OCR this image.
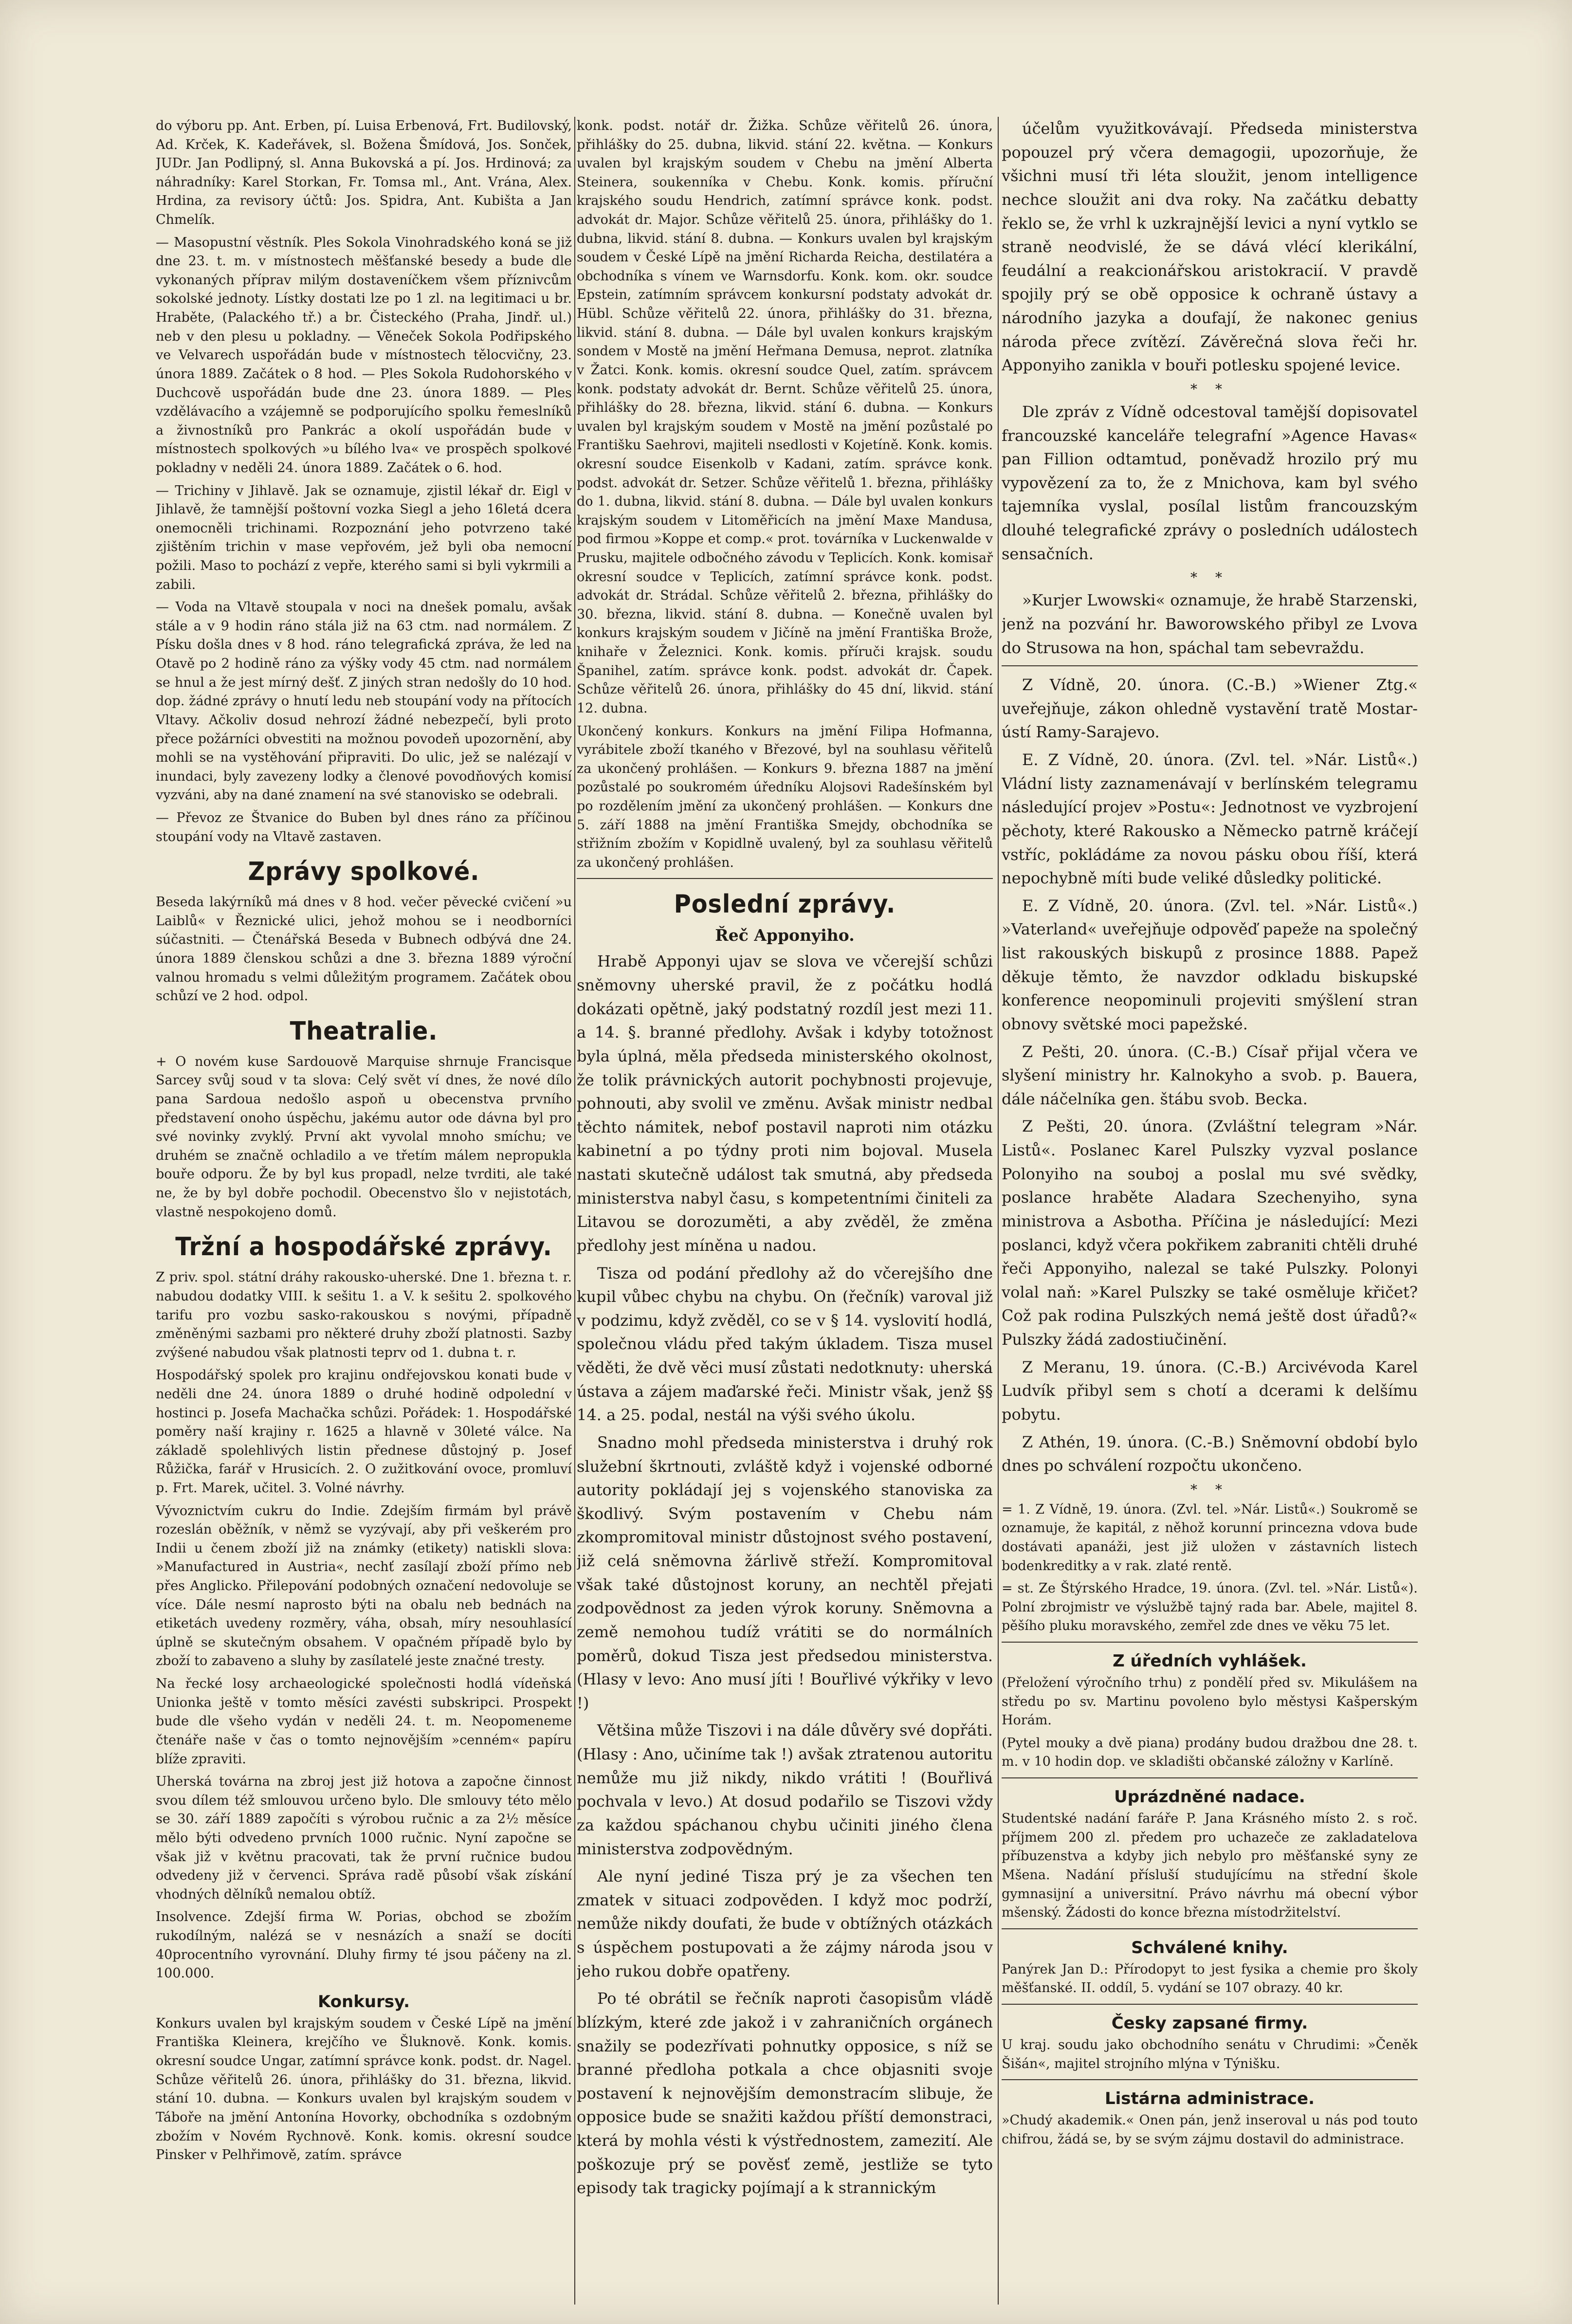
do výboru pp. Ant. Erben, pí. Luisa Erbenová, Frt. Budilovský, Ad. Krček, K. Kadeřávek, sl. Božena Šmídová, Jos. Sonček, JUDr. Jan Podlipný, sl. Anna Bukovská a pí. Jos. Hrdinová; za náhradníky: Karel Storkan, Fr. Tomsa ml., Ant. Vrána, Alex. Hrdina, za revisory účtů: Jos. Spidra, Ant. Kubišta a Jan Chmelík.

— Masopustní věstník. Ples Sokola Vinohradského koná se již dne 23. t. m. v místnostech měšťanské besedy a bude dle vykonaných příprav milým dostaveníčkem všem příznivcům sokolské jednoty. Lístky dostati lze po 1 zl. na legitimaci u br. Hraběte, (Palackého tř.) a br. Čisteckého (Praha, Jindř. ul.) neb v den plesu u pokladny. — Věneček Sokola Podřipského ve Velvarech uspořádán bude v místnostech tělocvičny, 23. února 1889. Začátek o 8 hod. — Ples Sokola Rudohorského v Duchcově uspořádán bude dne 23. února 1889. — Ples vzdělávacího a vzájemně se podporujícího spolku řemeslníků a živnostníků pro Pankrác a okolí uspořádán bude v místnostech spolkových »u bílého lva« ve prospěch spolkové pokladny v neděli 24. února 1889. Začátek o 6. hod.

— Trichiny v Jihlavě. Jak se oznamuje, zjistil lékař dr. Eigl v Jihlavě, že tamnější poštovní vozka Siegl a jeho 16letá dcera onemocněli trichinami. Rozpoznání jeho potvrzeno také zjištěním trichin v mase vepřovém, jež byli oba nemocní požili. Maso to pochází z vepře, kterého sami si byli vykrmili a zabili.

— Voda na Vltavě stoupala v noci na dnešek pomalu, avšak stále a v 9 hodin ráno stála již na 63 ctm. nad normálem. Z Písku došla dnes v 8 hod. ráno telegrafická zpráva, že led na Otavě po 2 hodině ráno za výšky vody 45 ctm. nad normálem se hnul a že jest mírný dešť. Z jiných stran nedošly do 10 hod. dop. žádné zprávy o hnutí ledu neb stoupání vody na přítocích Vltavy. Ačkoliv dosud nehrozí žádné nebezpečí, byli proto přece požárníci obvestiti na možnou povodeň upozornění, aby mohli se na vystěhování připraviti. Do ulic, jež se nalézají v inundaci, byly zavezeny lodky a členové povodňových komisí vyzváni, aby na dané znamení na své stanovisko se odebrali.

— Převoz ze Štvanice do Buben byl dnes ráno za příčinou stoupání vody na Vltavě zastaven.

Zprávy spolkové.

Beseda lakýrníků má dnes v 8 hod. večer pěvecké cvičení »u Laiblů« v Řeznické ulici, jehož mohou se i neodborníci súčastniti. — Čtenářská Beseda v Bubnech odbývá dne 24. února 1889 členskou schůzi a dne 3. března 1889 výroční valnou hromadu s velmi důležitým programem. Začátek obou schůzí ve 2 hod. odpol.

Theatralie.

+ O novém kuse Sardouově Marquise shrnuje Francisque Sarcey svůj soud v ta slova: Celý svět ví dnes, že nové dílo pana Sardoua nedošlo aspoň u obecenstva prvního představení onoho úspěchu, jakému autor ode dávna byl pro své novinky zvyklý. První akt vyvolal mnoho smíchu; ve druhém se značně ochladilo a ve třetím málem nepropukla bouře odporu. Že by byl kus propadl, nelze tvrditi, ale také ne, že by byl dobře pochodil. Obecenstvo šlo v nejistotách, vlastně nespokojeno domů.

Tržní a hospodářské zprávy.

Z priv. spol. státní dráhy rakousko-uherské. Dne 1. března t. r. nabudou dodatky VIII. k sešitu 1. a V. k sešitu 2. spolkového tarifu pro vozbu sasko-rakouskou s novými, případně změněnými sazbami pro některé druhy zboží platnosti. Sazby zvýšené nabudou však platnosti teprv od 1. dubna t. r.

Hospodářský spolek pro krajinu ondřejovskou konati bude v neděli dne 24. února 1889 o druhé hodině odpolední v hostinci p. Josefa Machačka schůzi. Pořádek: 1. Hospodářské poměry naší krajiny r. 1625 a hlavně v 30leté válce. Na základě spolehlivých listin přednese důstojný p. Josef Růžička, farář v Hrusicích. 2. O zužitkování ovoce, promluví p. Frt. Marek, učitel. 3. Volné návrhy.

Vývoznictvím cukru do Indie. Zdejším firmám byl právě rozeslán oběžník, v němž se vyzývají, aby při veškerém pro Indii u čenem zboží již na známky (etikety) natiskli slova: »Manufactured in Austria«, nechť zasílají zboží přímo neb přes Anglicko. Přilepování podobných označení nedovoluje se více. Dále nesmí naprosto býti na obalu neb bednách na etiketách uvedeny rozměry, váha, obsah, míry nesouhlasící úplně se skutečným obsahem. V opačném případě bylo by zboží to zabaveno a sluhy by zasílatelé jeste značné tresty.

Na řecké losy archaeologické společnosti hodlá vídeňská Unionka ještě v tomto měsíci zavésti subskripci. Prospekt bude dle všeho vydán v neděli 24. t. m. Neopomeneme čtenáře naše v čas o tomto nejnovějším »cenném« papíru blíže zpraviti.

Uherská továrna na zbroj jest již hotova a započne činnost svou dílem též smlouvou určeno bylo. Dle smlouvy této mělo se 30. září 1889 započíti s výrobou ručnic a za 2½ měsíce mělo býti odvedeno prvních 1000 ručnic. Nyní započne se však již v květnu pracovati, tak že první ručnice budou odvedeny již v červenci. Správa radě působí však získání vhodných dělníků nemalou obtíž.

Insolvence. Zdejší firma W. Porias, obchod se zbožím rukodílným, nalézá se v nesnázích a snaží se docíti 40procentního vyrovnání. Dluhy firmy té jsou páčeny na zl. 100.000.

Konkursy.

Konkurs uvalen byl krajským soudem v České Lípě na jmění Františka Kleinera, krejčího ve Šluknově. Konk. komis. okresní soudce Ungar, zatímní správce konk. podst. dr. Nagel. Schůze věřitelů 26. února, přihlášky do 31. března, likvid. stání 10. dubna. — Konkurs uvalen byl krajským soudem v Táboře na jmění Antonína Hovorky, obchodníka s ozdobným zbožím v Novém Rychnově. Konk. komis. okresní soudce Pinsker v Pelhřimově, zatím. správce

konk. podst. notář dr. Žižka. Schůze věřitelů 26. února, přihlášky do 25. dubna, likvid. stání 22. května. — Konkurs uvalen byl krajským soudem v Chebu na jmění Alberta Steinera, soukenníka v Chebu. Konk. komis. příruční krajského soudu Hendrich, zatímní správce konk. podst. advokát dr. Major. Schůze věřitelů 25. února, přihlášky do 1. dubna, likvid. stání 8. dubna. — Konkurs uvalen byl krajským soudem v České Lípě na jmění Richarda Reicha, destilatéra a obchodníka s vínem ve Warnsdorfu. Konk. kom. okr. soudce Epstein, zatímním správcem konkursní podstaty advokát dr. Hübl. Schůze věřitelů 22. února, přihlášky do 31. března, likvid. stání 8. dubna. — Dále byl uvalen konkurs krajským sondem v Mostě na jmění Heřmana Demusa, neprot. zlatníka v Žatci. Konk. komis. okresní soudce Quel, zatím. správcem konk. podstaty advokát dr. Bernt. Schůze věřitelů 25. února, přihlášky do 28. března, likvid. stání 6. dubna. — Konkurs uvalen byl krajským soudem v Mostě na jmění pozůstalé po Františku Saehrovi, majiteli nsedlosti v Kojetíně. Konk. komis. okresní soudce Eisenkolb v Kadani, zatím. správce konk. podst. advokát dr. Setzer. Schůze věřitelů 1. března, přihlášky do 1. dubna, likvid. stání 8. dubna. — Dále byl uvalen konkurs krajským soudem v Litoměřicích na jmění Maxe Mandusa, pod firmou »Koppe et comp.« prot. továrníka v Luckenwalde v Prusku, majitele odbočného závodu v Teplicích. Konk. komisař okresní soudce v Teplicích, zatímní správce konk. podst. advokát dr. Strádal. Schůze věřitelů 2. března, přihlášky do 30. března, likvid. stání 8. dubna. — Konečně uvalen byl konkurs krajským soudem v Jičíně na jmění Františka Brože, knihaře v Železnici. Konk. komis. příruči krajsk. soudu Španihel, zatím. správce konk. podst. advokát dr. Čapek. Schůze věřitelů 26. února, přihlášky do 45 dní, likvid. stání 12. dubna.

Ukončený konkurs. Konkurs na jmění Filipa Hofmanna, vyrábitele zboží tkaného v Březové, byl na souhlasu věřitelů za ukončený prohlášen. — Konkurs 9. března 1887 na jmění pozůstalé po soukromém úředníku Alojsovi Radešínském byl po rozdělením jmění za ukončený prohlášen. — Konkurs dne 5. září 1888 na jmění Františka Smejdy, obchodníka se střižním zbožím v Kopidlně uvalený, byl za souhlasu věřitelů za ukončený prohlášen.

Poslední zprávy.
Řeč Apponyiho.

Hrabě Apponyi ujav se slova ve včerejší schůzi sněmovny uherské pravil, že z počátku hodlá dokázati opětně, jaký podstatný rozdíl jest mezi 11. a 14. §. branné předlohy. Avšak i kdyby totožnost byla úplná, měla předseda ministerského okolnost, že tolik právnických autorit pochybnosti projevuje, pohnouti, aby svolil ve změnu. Avšak ministr nedbal těchto námitek, nebof postavil naproti nim otázku kabinetní a po týdny proti nim bojoval. Musela nastati skutečně událost tak smutná, aby předseda ministerstva nabyl času, s kompetentními činiteli za Litavou se dorozuměti, a aby zvěděl, že změna předlohy jest míněna u nadou.

Tisza od podání předlohy až do včerejšího dne kupil vůbec chybu na chybu. On (řečník) varoval již v podzimu, když zvěděl, co se v § 14. vyslovití hodlá, společnou vládu před takým úkladem. Tisza musel věděti, že dvě věci musí zůstati nedotknuty: uherská ústava a zájem maďarské řeči. Ministr však, jenž §§ 14. a 25. podal, nestál na výši svého úkolu.

Snadno mohl předseda ministerstva i druhý rok služební škrtnouti, zvláště když i vojenské odborné autority pokládají jej s vojenského stanoviska za škodlivý. Svým postavením v Chebu nám zkompromitoval ministr důstojnost svého postavení, již celá sněmovna žárlivě střeží. Kompromitoval však také důstojnost koruny, an nechtěl přejati zodpovědnost za jeden výrok koruny. Sněmovna a země nemohou tudíž vrátiti se do normálních poměrů, dokud Tisza jest předsedou ministerstva. (Hlasy v levo: Ano musí jíti ! Bouřlivé výkřiky v levo !)

Většina může Tiszovi i na dále důvěry své dopřáti. (Hlasy : Ano, učiníme tak !) avšak ztratenou autoritu nemůže mu již nikdy, nikdo vrátiti ! (Bouřlivá pochvala v levo.) At dosud podařilo se Tiszovi vždy za každou spáchanou chybu učiniti jiného člena ministerstva zodpovědným.

Ale nyní jediné Tisza prý je za všechen ten zmatek v situaci zodpověden. I když moc podrží, nemůže nikdy doufati, že bude v obtížných otázkách s úspěchem postupovati a že zájmy národa jsou v jeho rukou dobře opatřeny.

Po té obrátil se řečník naproti časopisům vládě blízkým, které zde jakož i v zahraničních orgánech snažily se podezřívati pohnutky opposice, s níž se branné předloha potkala a chce objasniti svoje postavení k nejnovějším demonstracím slibuje, že opposice bude se snažiti každou příští demonstraci, která by mohla vésti k výstřednostem, zamezití. Ale poškozuje prý se pověsť země, jestliže se tyto episody tak tragicky pojímají a k strannickým

účelům využitkovávají. Předseda ministerstva popouzel prý včera demagogii, upozorňuje, že všichni musí tři léta sloužit, jenom intelligence nechce sloužit ani dva roky. Na začátku debatty řeklo se, že vrhl k uzkrajnější levici a nyní vytklo se straně neodvislé, že se dává vlécí klerikální, feudální a reakcionářskou aristokracií. V pravdě spojily prý se obě opposice k ochraně ústavy a národního jazyka a doufají, že nakonec genius národa přece zvítězí. Závěrečná slova řeči hr. Apponyiho zanikla v bouři potlesku spojené levice.

* *

Dle zpráv z Vídně odcestoval tamější dopisovatel francouzské kanceláře telegrafní »Agence Havas« pan Fillion odtamtud, poněvadž hrozilo prý mu vypovězení za to, že z Mnichova, kam byl svého tajemníka vyslal, posílal listům francouzským dlouhé telegrafické zprávy o posledních událostech sensačních.

* *

»Kurjer Lwowski« oznamuje, že hrabě Starzenski, jenž na pozvání hr. Baworowského přibyl ze Lvova do Strusowa na hon, spáchal tam sebevraždu.

Z Vídně, 20. února. (C.-B.) »Wiener Ztg.« uveřejňuje, zákon ohledně vystavění tratě Mostar-ústí Ramy-Sarajevo.

E. Z Vídně, 20. února. (Zvl. tel. »Nár. Listů«.) Vládní listy zaznamenávají v berlínském telegramu následující projev »Postu«: Jednotnost ve vyzbrojení pěchoty, které Rakousko a Německo patrně kráčejí vstříc, pokládáme za novou pásku obou říší, která nepochybně míti bude veliké důsledky politické.

E. Z Vídně, 20. února. (Zvl. tel. »Nár. Listů«.) »Vaterland« uveřejňuje odpověď papeže na společný list rakouských biskupů z prosince 1888. Papež děkuje těmto, že navzdor odkladu biskupské konference neopominuli projeviti smýšlení stran obnovy světské moci papežské.

Z Pešti, 20. února. (C.-B.) Císař přijal včera ve slyšení ministry hr. Kalnokyho a svob. p. Bauera, dále náčelníka gen. štábu svob. Becka.

Z Pešti, 20. února. (Zvláštní telegram »Nár. Listů«. Poslanec Karel Pulszky vyzval poslance Polonyiho na souboj a poslal mu své svědky, poslance hraběte Aladara Szechenyiho, syna ministrova a Asbotha. Příčina je následující: Mezi poslanci, když včera pokřikem zabraniti chtěli druhé řeči Apponyiho, nalezal se také Pulszky. Polonyi volal naň: »Karel Pulszky se také osměluje křičet? Což pak rodina Pulszkých nemá ještě dost úřadů?« Pulszky žádá zadostiučinění.

Z Meranu, 19. února. (C.-B.) Arcivévoda Karel Ludvík přibyl sem s chotí a dcerami k delšímu pobytu.

Z Athén, 19. února. (C.-B.) Sněmovní období bylo dnes po schválení rozpočtu ukončeno.

* *

= 1. Z Vídně, 19. února. (Zvl. tel. »Nár. Listů«.) Soukromě se oznamuje, že kapitál, z něhož korunní princezna vdova bude dostávati apanáži, jest již uložen v zástavních listech bodenkreditky a v rak. zlaté rentě.

= st. Ze Štýrského Hradce, 19. února. (Zvl. tel. »Nár. Listů«). Polní zbrojmistr ve výslužbě tajný rada bar. Abele, majitel 8. pěšího pluku moravského, zemřel zde dnes ve věku 75 let.

Z úředních vyhlášek.

(Přeložení výročního trhu) z pondělí před sv. Mikulášem na středu po sv. Martinu povoleno bylo městysi Kašperským Horám.

(Pytel mouky a dvě piana) prodány budou dražbou dne 28. t. m. v 10 hodin dop. ve skladišti občanské záložny v Karlíně.

Uprázdněné nadace.

Studentské nadání faráře P. Jana Krásného místo 2. s roč. příjmem 200 zl. předem pro uchazeče ze zakladatelova příbuzenstva a kdyby jich nebylo pro měšťanské syny ze Mšena. Nadání přísluší studujícímu na střední škole gymnasijní a universitní. Právo návrhu má obecní výbor mšenský. Žádosti do konce března místodržitelství.

Schválené knihy.

Panýrek Jan D.: Přírodopyt to jest fysika a chemie pro školy měšťanské. II. oddíl, 5. vydání se 107 obrazy. 40 kr.

Česky zapsané firmy.

U kraj. soudu jako obchodního senátu v Chrudimi: »Čeněk Šišán«, majitel strojního mlýna v Týnišku.

Listárna administrace.

»Chudý akademik.« Onen pán, jenž inseroval u nás pod touto chifrou, žádá se, by se svým zájmu dostavil do administrace.
